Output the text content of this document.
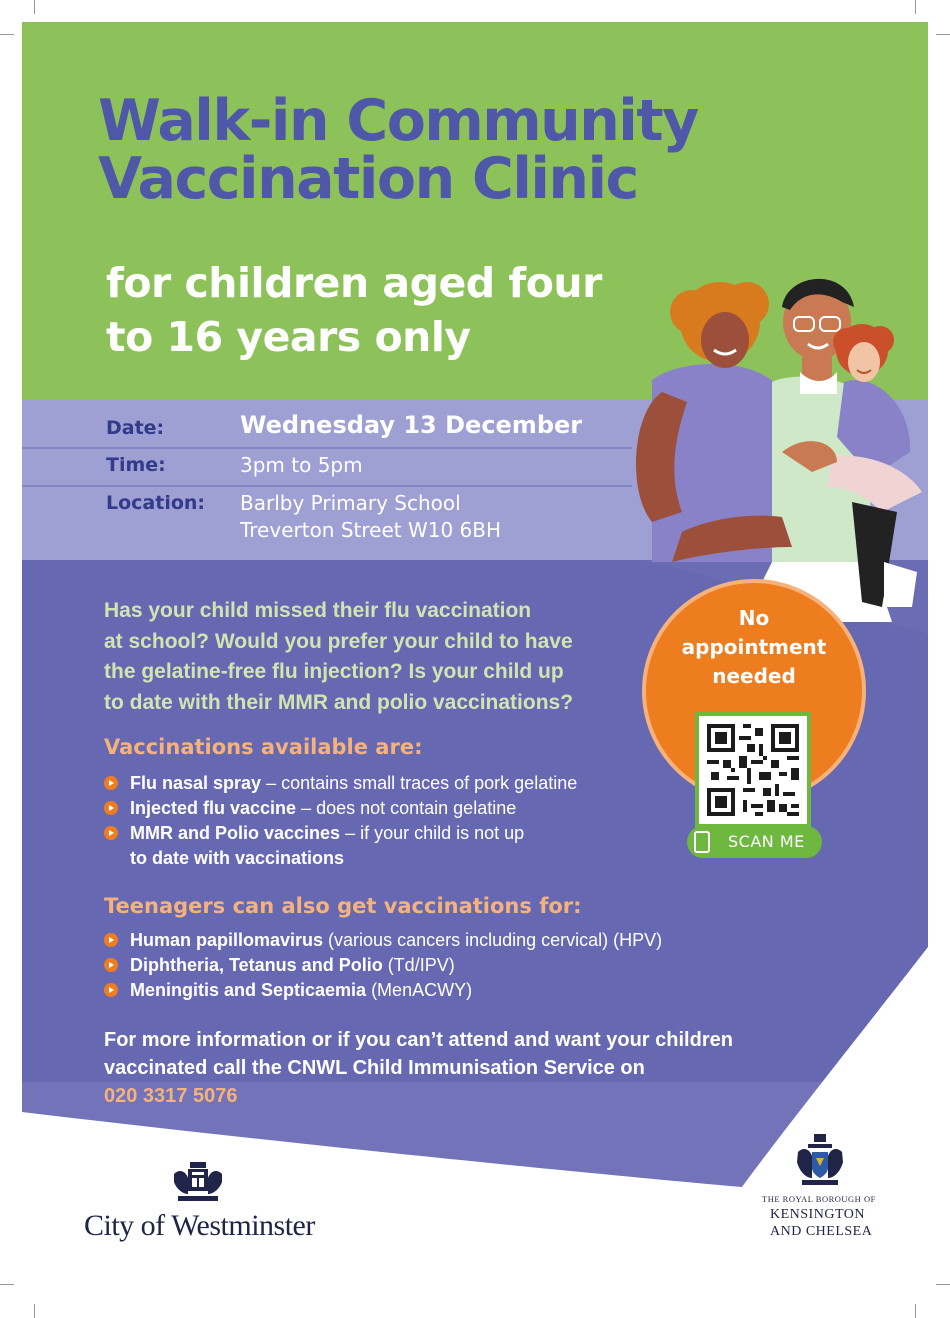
Walk-in Community
Vaccination Clinic
for children aged four
to 16 years only
Date:	Wednesday 13 December
Time:	3pm to 5pm
Location: Barlby Primary School
Treverton Street W10 6BH
No
appointment
needed
SCAN ME
Has your child missed their flu vaccination
at school? Would you prefer your child to have
the gelatine-free flu injection? Is your child up
to date with their MMR and polio vaccinations?
Vaccinations available are:
Flu nasal spray – contains small traces of pork gelatine
Injected flu vaccine – does not contain gelatine
MMR and Polio vaccines – if your child is not up
to date with vaccinations
Teenagers can also get vaccinations for:
Human papillomavirus (various cancers including cervical) (HPV)
Diphtheria, Tetanus and Polio (Td/IPV)
Meningitis and Septicaemia (MenACWY)
For more information or if you can’t attend and want your children
vaccinated call the CNWL Child Immunisation Service on
020 3317 5076
.
City of Westminster
THE ROYAL BOROUGH OF
KENSINGTON
AND CHELSEA
